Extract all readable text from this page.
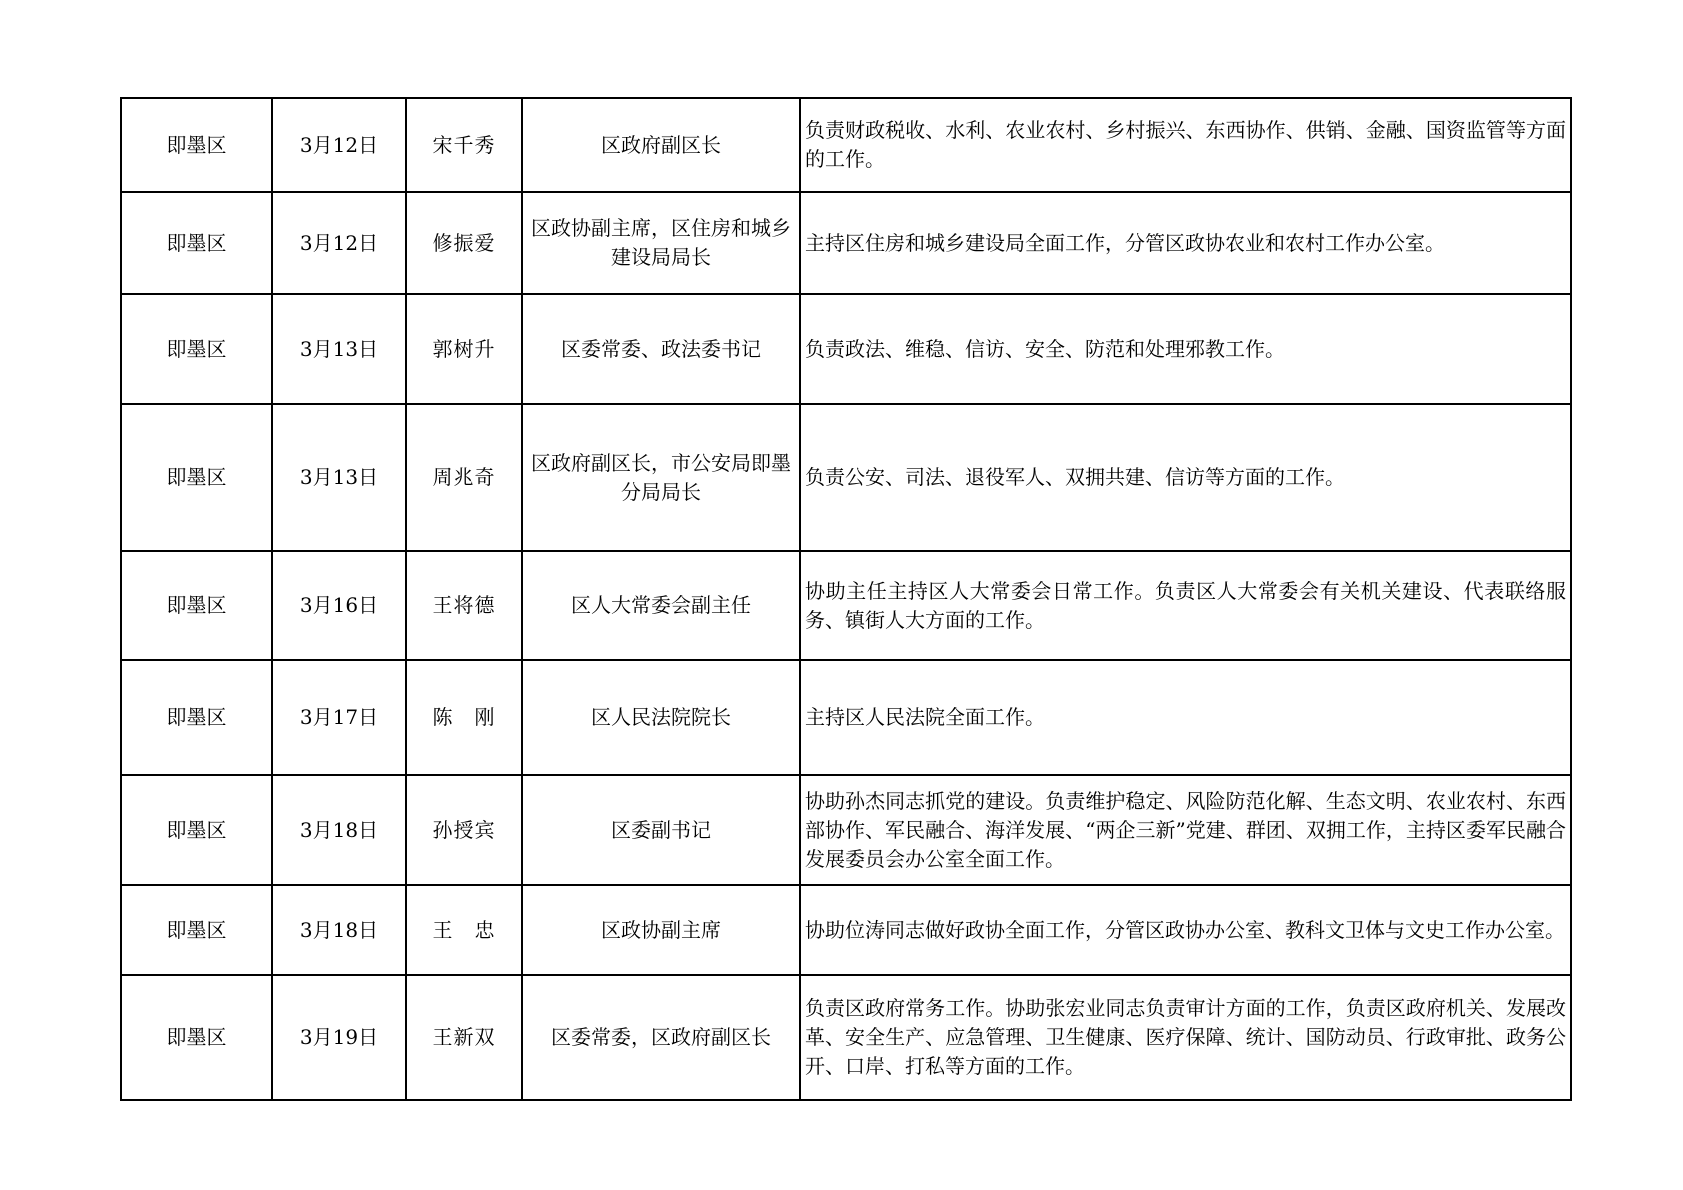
即墨区	3月12日	宋千秀	区政府副区长	负责财政税收、水利、农业农村、乡村振兴、东西协作、供销、金融、国资监管等方面的工作。
即墨区	3月12日	修振爱	区政协副主席，区住房和城乡建设局局长	主持区住房和城乡建设局全面工作，分管区政协农业和农村工作办公室。
即墨区	3月13日	郭树升	区委常委、政法委书记	负责政法、维稳、信访、安全、防范和处理邪教工作。
即墨区	3月13日	周兆奇	区政府副区长，市公安局即墨分局局长	负责公安、司法、退役军人、双拥共建、信访等方面的工作。
即墨区	3月16日	王将德	区人大常委会副主任	协助主任主持区人大常委会日常工作。负责区人大常委会有关机关建设、代表联络服务、镇街人大方面的工作。
即墨区	3月17日	陈　刚	区人民法院院长	主持区人民法院全面工作。
即墨区	3月18日	孙授宾	区委副书记	协助孙杰同志抓党的建设。负责维护稳定、风险防范化解、生态文明、农业农村、东西部协作、军民融合、海洋发展、“两企三新”党建、群团、双拥工作，主持区委军民融合发展委员会办公室全面工作。
即墨区	3月18日	王　忠	区政协副主席	协助位涛同志做好政协全面工作，分管区政协办公室、教科文卫体与文史工作办公室。
即墨区	3月19日	王新双	区委常委，区政府副区长	负责区政府常务工作。协助张宏业同志负责审计方面的工作，负责区政府机关、发展改革、安全生产、应急管理、卫生健康、医疗保障、统计、国防动员、行政审批、政务公开、口岸、打私等方面的工作。
